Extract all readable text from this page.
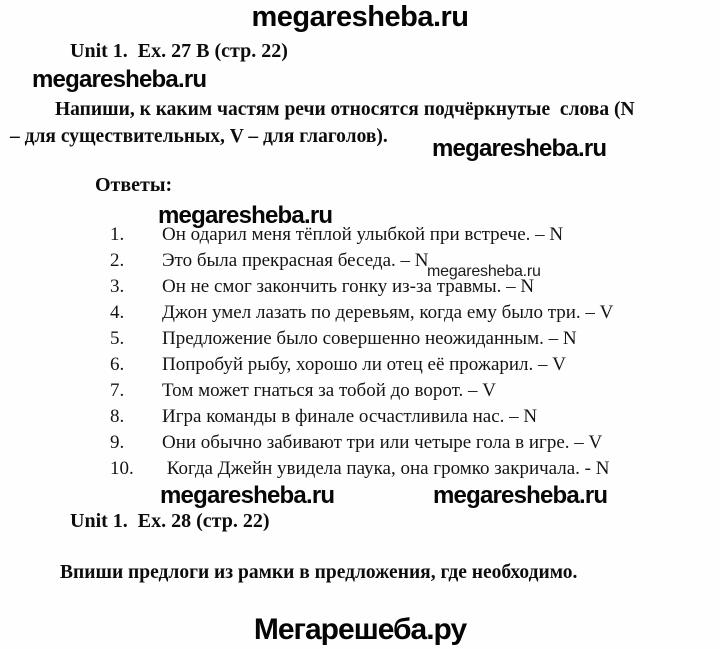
megaresheba.ru
Unit 1.  Ex. 27 B (стр. 22)
megaresheba.ru
Напиши, к каким частям речи относятся подчёркнутые  слова (N
– для существительных, V – для глаголов). megaresheba.ru
Ответы:
megaresheba.ru
1.	Он одарил меня тёплой улыбкой при встрече. – N
2.	Это была прекрасная беседа. – N
3.	Он не смог закончить гонку из-за травмы. – N
4.	Джон умел лазать по деревьям, когда ему было три. – V
5.	Предложение было совершенно неожиданным. – N
6.	Попробуй рыбу, хорошо ли отец её прожарил. – V
7.	Том может гнаться за тобой до ворот. – V
8.	Игра команды в финале осчастливила нас. – N
9.	Они обычно забивают три или четыре гола в игре. – V
10.	Когда Джейн увидела паука, она громко закричала. - N
megaresheba.ru
megaresheba.ru	megaresheba.ru
Unit 1.  Ex. 28 (стр. 22)
Впиши предлоги из рамки в предложения, где необходимо.
Мегарешеба.ру
